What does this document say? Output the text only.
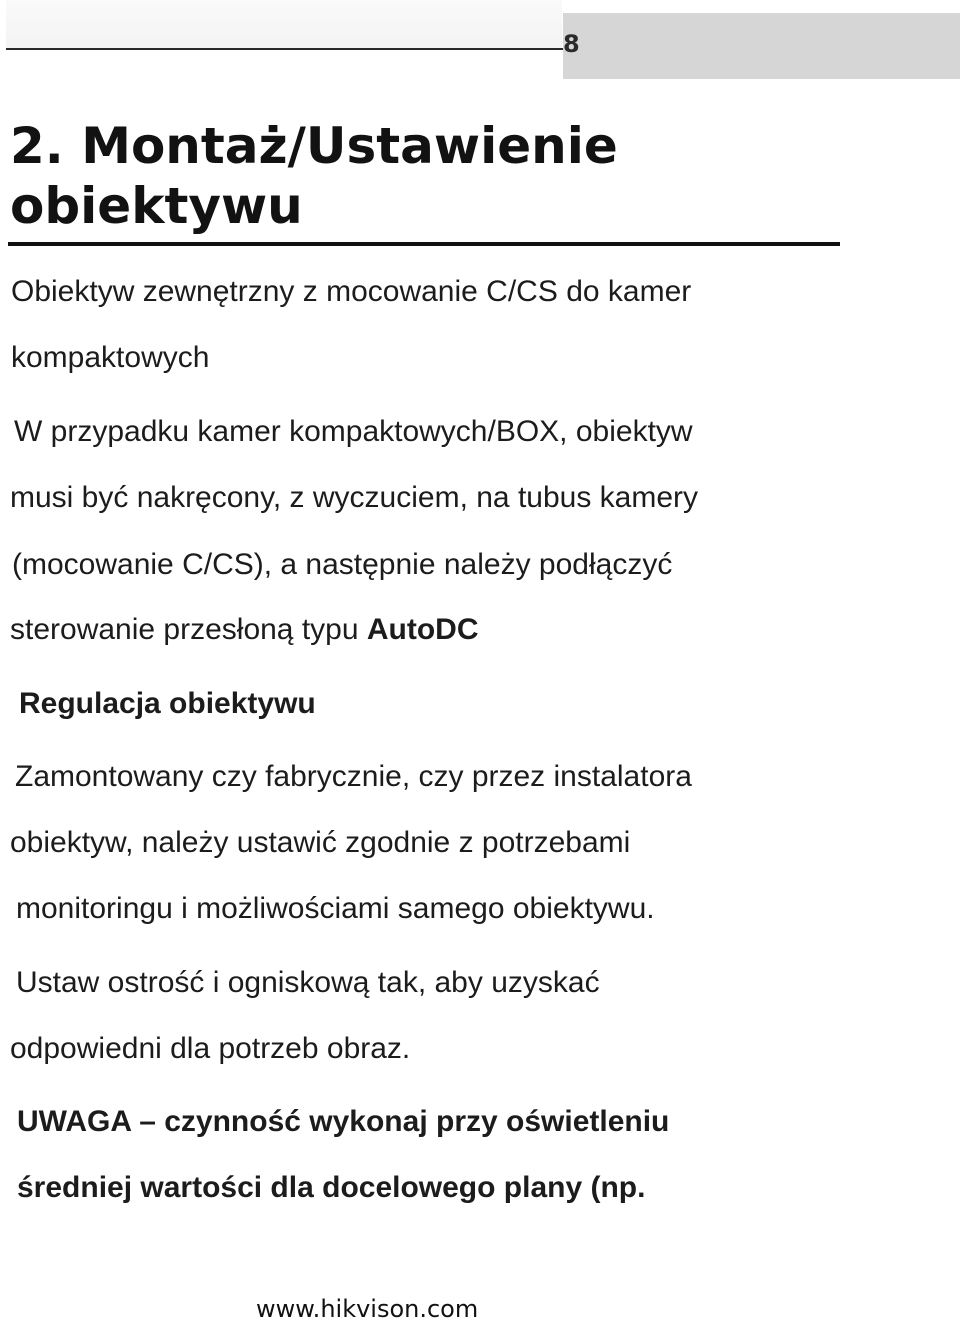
8
2. Montaż/Ustawienie
obiektywu
Obiektyw zewnętrzny z mocowanie C/CS do kamer
kompaktowych
W przypadku kamer kompaktowych/BOX, obiektyw
musi być nakręcony, z wyczuciem, na tubus kamery
(mocowanie C/CS), a następnie należy podłączyć
sterowanie przesłoną typu AutoDC
Regulacja obiektywu
Zamontowany czy fabrycznie, czy przez instalatora
obiektyw, należy ustawić zgodnie z potrzebami
monitoringu i możliwościami samego obiektywu.
Ustaw ostrość i ogniskową tak, aby uzyskać
odpowiedni dla potrzeb obraz.
UWAGA – czynność wykonaj przy oświetleniu
średniej wartości dla docelowego plany (np.
www.hikvison.com
